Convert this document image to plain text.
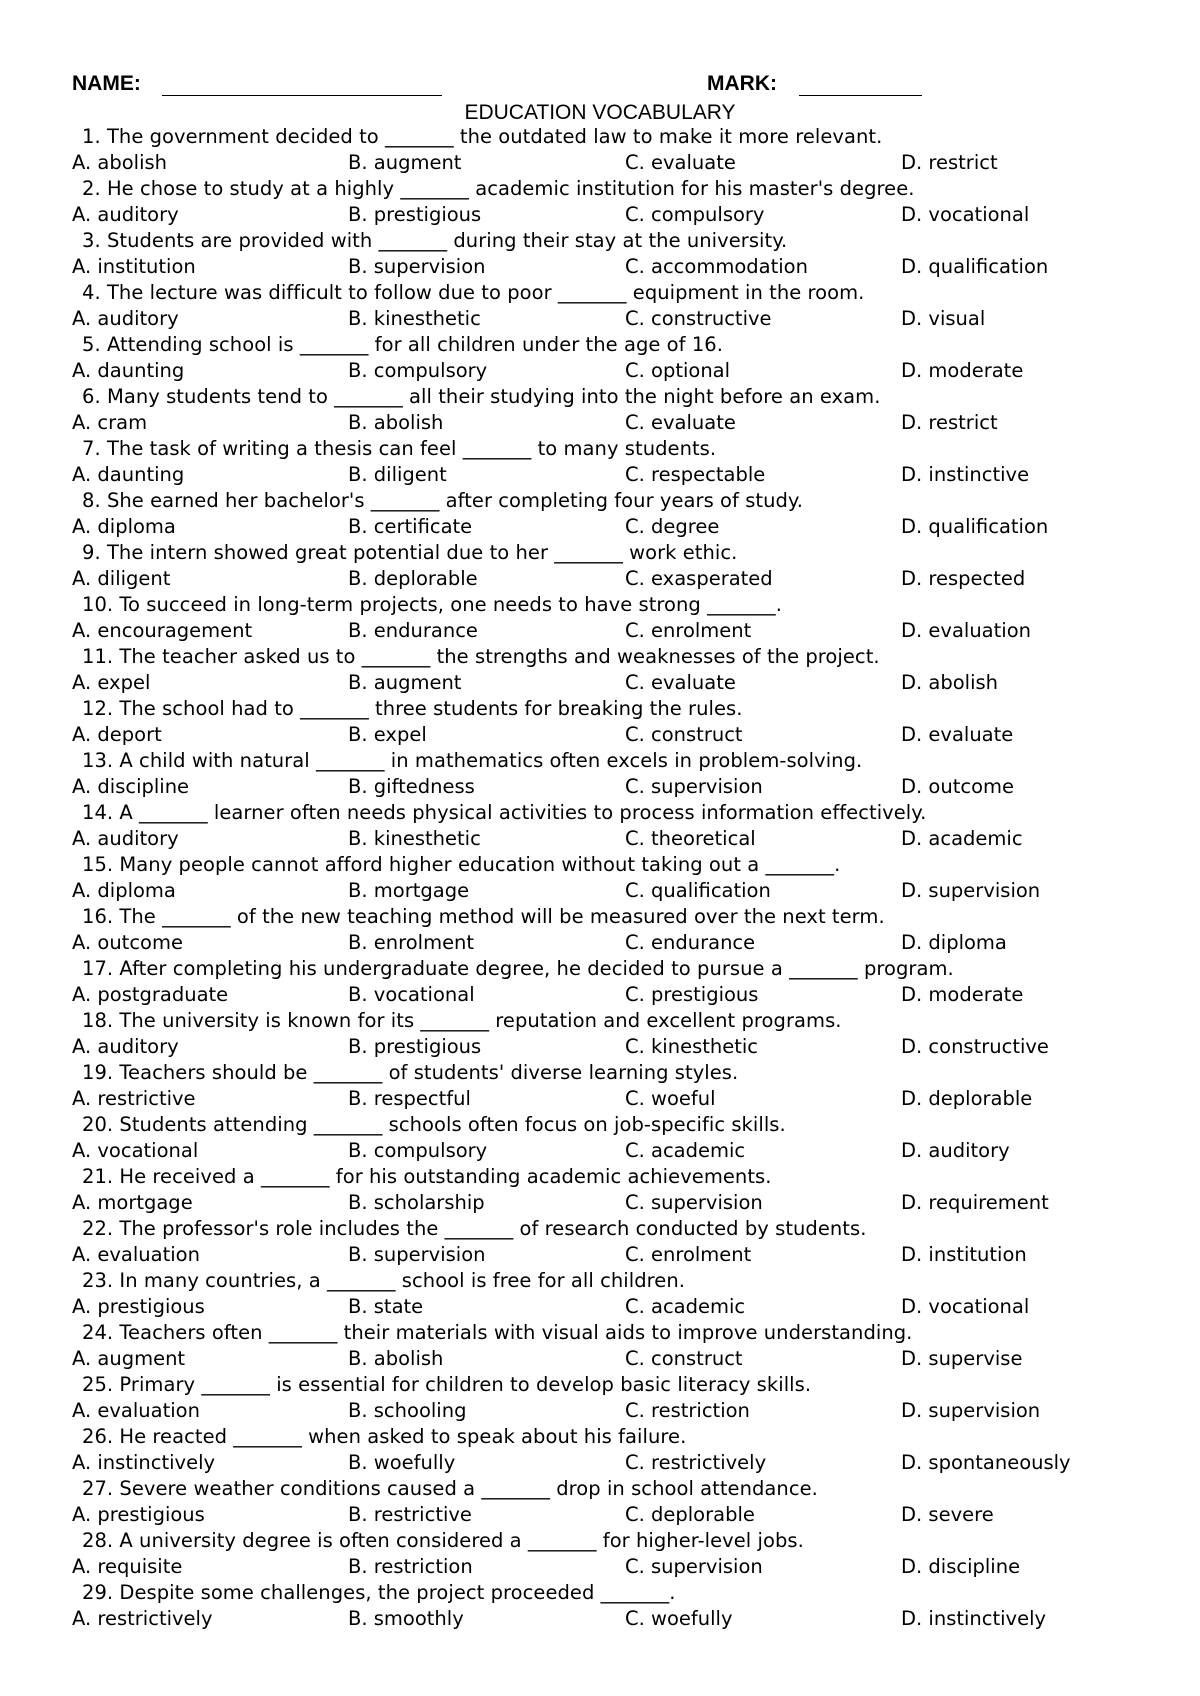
NAME:	MARK:
EDUCATION VOCABULARY
1. The government decided to _______ the outdated law to make it more relevant.
A. abolish	B. augment	C. evaluate	D. restrict
2. He chose to study at a highly _______ academic institution for his master's degree.
A. auditory	B. prestigious	C. compulsory	D. vocational
3. Students are provided with _______ during their stay at the university.
A. institution	B. supervision	C. accommodation	D. qualification
4. The lecture was difficult to follow due to poor _______ equipment in the room.
A. auditory	B. kinesthetic	C. constructive	D. visual
5. Attending school is _______ for all children under the age of 16.
A. daunting	B. compulsory	C. optional	D. moderate
6. Many students tend to _______ all their studying into the night before an exam.
A. cram	B. abolish	C. evaluate	D. restrict
7. The task of writing a thesis can feel _______ to many students.
A. daunting	B. diligent	C. respectable	D. instinctive
8. She earned her bachelor's _______ after completing four years of study.
A. diploma	B. certificate	C. degree	D. qualification
9. The intern showed great potential due to her _______ work ethic.
A. diligent	B. deplorable	C. exasperated	D. respected
10. To succeed in long-term projects, one needs to have strong _______.
A. encouragement	B. endurance	C. enrolment	D. evaluation
11. The teacher asked us to _______ the strengths and weaknesses of the project.
A. expel	B. augment	C. evaluate	D. abolish
12. The school had to _______ three students for breaking the rules.
A. deport	B. expel	C. construct	D. evaluate
13. A child with natural _______ in mathematics often excels in problem-solving.
A. discipline	B. giftedness	C. supervision	D. outcome
14. A _______ learner often needs physical activities to process information effectively.
A. auditory	B. kinesthetic	C. theoretical	D. academic
15. Many people cannot afford higher education without taking out a _______.
A. diploma	B. mortgage	C. qualification	D. supervision
16. The _______ of the new teaching method will be measured over the next term.
A. outcome	B. enrolment	C. endurance	D. diploma
17. After completing his undergraduate degree, he decided to pursue a _______ program.
A. postgraduate	B. vocational	C. prestigious	D. moderate
18. The university is known for its _______ reputation and excellent programs.
A. auditory	B. prestigious	C. kinesthetic	D. constructive
19. Teachers should be _______ of students' diverse learning styles.
A. restrictive	B. respectful	C. woeful	D. deplorable
20. Students attending _______ schools often focus on job-specific skills.
A. vocational	B. compulsory	C. academic	D. auditory
21. He received a _______ for his outstanding academic achievements.
A. mortgage	B. scholarship	C. supervision	D. requirement
22. The professor's role includes the _______ of research conducted by students.
A. evaluation	B. supervision	C. enrolment	D. institution
23. In many countries, a _______ school is free for all children.
A. prestigious	B. state	C. academic	D. vocational
24. Teachers often _______ their materials with visual aids to improve understanding.
A. augment	B. abolish	C. construct	D. supervise
25. Primary _______ is essential for children to develop basic literacy skills.
A. evaluation	B. schooling	C. restriction	D. supervision
26. He reacted _______ when asked to speak about his failure.
A. instinctively	B. woefully	C. restrictively	D. spontaneously
27. Severe weather conditions caused a _______ drop in school attendance.
A. prestigious	B. restrictive	C. deplorable	D. severe
28. A university degree is often considered a _______ for higher-level jobs.
A. requisite	B. restriction	C. supervision	D. discipline
29. Despite some challenges, the project proceeded _______.
A. restrictively	B. smoothly	C. woefully	D. instinctively
